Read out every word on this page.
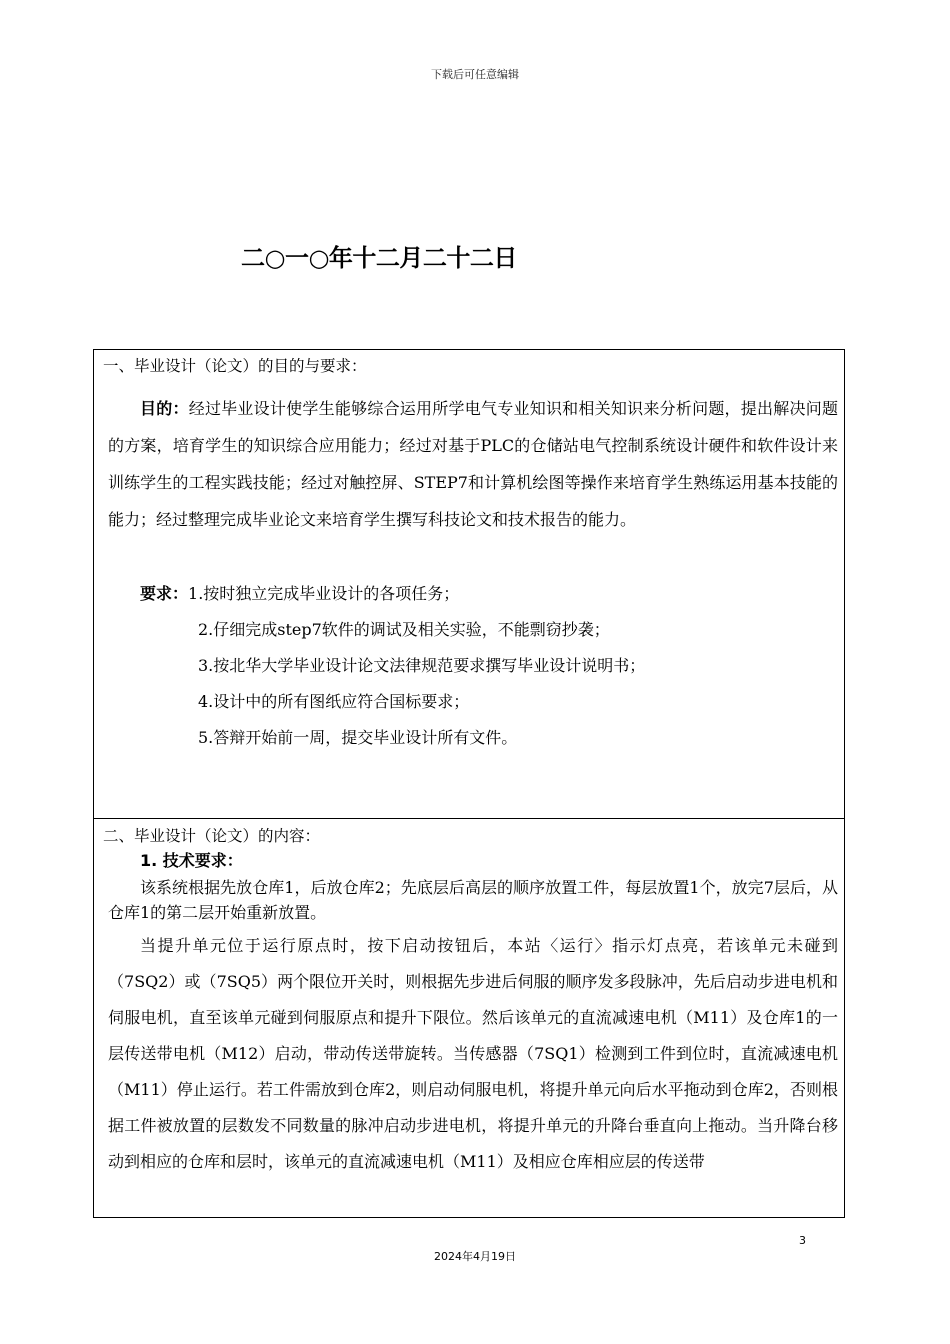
下载后可任意编辑
二○一○年十二月二十二日
一、毕业设计（论文）的目的与要求：

目的：经过毕业设计使学生能够综合运用所学电气专业知识和相关知识来分析问题，提出解决问题的方案，培育学生的知识综合应用能力；经过对基于PLC的仓储站电气控制系统设计硬件和软件设计来训练学生的工程实践技能；经过对触控屏、STEP7和计算机绘图等操作来培育学生熟练运用基本技能的能力；经过整理完成毕业论文来培育学生撰写科技论文和技术报告的能力。

要求：1.按时独立完成毕业设计的各项任务；
2.仔细完成step7软件的调试及相关实验，不能剽窃抄袭；
3.按北华大学毕业设计论文法律规范要求撰写毕业设计说明书；
4.设计中的所有图纸应符合国标要求；
5.答辩开始前一周，提交毕业设计所有文件。
二、毕业设计（论文）的内容：
1. 技术要求：

该系统根据先放仓库1，后放仓库2；先底层后高层的顺序放置工件，每层放置1个，放完7层后，从仓库1的第二层开始重新放置。

当提升单元位于运行原点时，按下启动按钮后，本站〈运行〉指示灯点亮，若该单元未碰到（7SQ2）或（7SQ5）两个限位开关时，则根据先步进后伺服的顺序发多段脉冲，先后启动步进电机和伺服电机，直至该单元碰到伺服原点和提升下限位。然后该单元的直流减速电机（M11）及仓库1的一层传送带电机（M12）启动，带动传送带旋转。当传感器（7SQ1）检测到工件到位时，直流减速电机（M11）停止运行。若工件需放到仓库2，则启动伺服电机，将提升单元向后水平拖动到仓库2，否则根据工件被放置的层数发不同数量的脉冲启动步进电机，将提升单元的升降台垂直向上拖动。当升降台移动到相应的仓库和层时，该单元的直流减速电机（M11）及相应仓库相应层的传送带

3
2024年4月19日
